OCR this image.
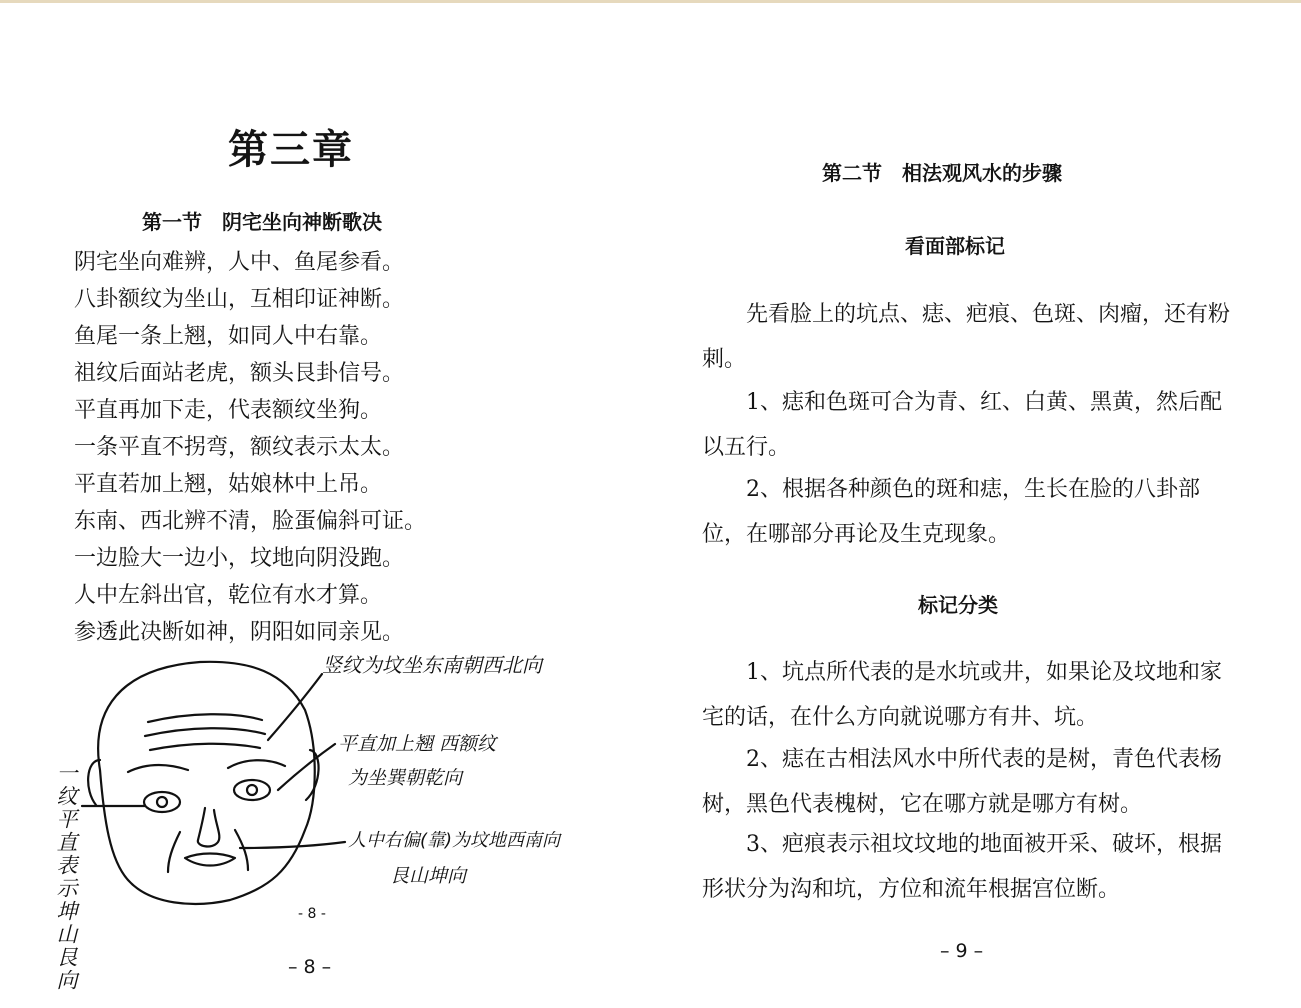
第三章
第一节　阴宅坐向神断歌决
阴宅坐向难辨，人中、鱼尾参看。
八卦额纹为坐山，互相印证神断。
鱼尾一条上翘，如同人中右靠。
祖纹后面站老虎，额头艮卦信号。
平直再加下走，代表额纹坐狗。
一条平直不拐弯，额纹表示太太。
平直若加上翘，姑娘林中上吊。
东南、西北辨不清，脸蛋偏斜可证。
一边脸大一边小，坟地向阴没跑。
人中左斜出官，乾位有水才算。
参透此决断如神，阴阳如同亲见。
竖纹为坟坐东南朝西北向
平直加上翘 西额纹
为坐巽朝乾向
人中右偏(靠)为坟地西南向
艮山坤向
一纹平直表示坤山艮向	- 8 -

– 8 –

第二节　相法观风水的步骤
看面部标记

先看脸上的坑点、痣、疤痕、色斑、肉瘤，还有粉刺。

1、痣和色斑可合为青、红、白黄、黑黄，然后配以五行。

2、根据各种颜色的斑和痣，生长在脸的八卦部位，在哪部分再论及生克现象。

标记分类

1、坑点所代表的是水坑或井，如果论及坟地和家宅的话，在什么方向就说哪方有井、坑。

2、痣在古相法风水中所代表的是树，青色代表杨树，黑色代表槐树，它在哪方就是哪方有树。

3、疤痕表示祖坟坟地的地面被开采、破坏，根据形状分为沟和坑，方位和流年根据宫位断。

– 9 –
